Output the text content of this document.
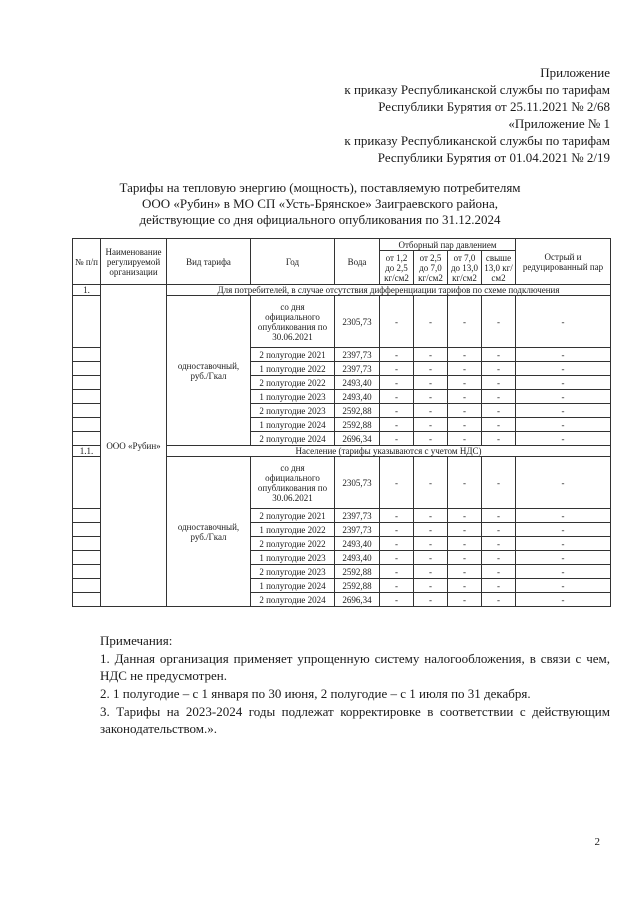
Приложение
к приказу Республиканской службы по тарифам
Республики Бурятия от 25.11.2021 № 2/68
«Приложение № 1
к приказу Республиканской службы по тарифам
Республики Бурятия от 01.04.2021 № 2/19
Тарифы на тепловую энергию (мощность), поставляемую потребителям
ООО «Рубин» в МО СП «Усть-Брянское» Заиграевского района,
действующие со дня официального опубликования по 31.12.2024
№ п/п	Наименование регулируемой организации	Вид тарифа	Год	Вода	Отборный пар давлением				Острый и редуцированный пар
					от 1,2 до 2,5 кг/см2	от 2,5 до 7,0 кг/см2	от 7,0 до 13,0 кг/см2	свыше 13,0 кг/см2	
1.	ООО «Рубин»	Для потребителей, в случае отсутствия дифференциации тарифов по схеме подключения							
		одноставочный, руб./Гкал	со дня официального опубликования по 30.06.2021	2305,73	-	-	-	-	-
			2 полугодие 2021	2397,73	-	-	-	-	-
			1 полугодие 2022	2397,73	-	-	-	-	-
			2 полугодие 2022	2493,40	-	-	-	-	-
			1 полугодие 2023	2493,40	-	-	-	-	-
			2 полугодие 2023	2592,88	-	-	-	-	-
			1 полугодие 2024	2592,88	-	-	-	-	-
			2 полугодие 2024	2696,34	-	-	-	-	-
1.1.		Население (тарифы указываются с учетом НДС)							
		одноставочный, руб./Гкал	со дня официального опубликования по 30.06.2021	2305,73	-	-	-	-	-
			2 полугодие 2021	2397,73	-	-	-	-	-
			1 полугодие 2022	2397,73	-	-	-	-	-
			2 полугодие 2022	2493,40	-	-	-	-	-
			1 полугодие 2023	2493,40	-	-	-	-	-
			2 полугодие 2023	2592,88	-	-	-	-	-
			1 полугодие 2024	2592,88	-	-	-	-	-
			2 полугодие 2024	2696,34	-	-	-	-	-

Примечания:

1. Данная организация применяет упрощенную систему налогообложения, в связи с чем, НДС не предусмотрен.

2. 1 полугодие – с 1 января по 30 июня, 2 полугодие – с 1 июля по 31 декабря.

3. Тарифы на 2023-2024 годы подлежат корректировке в соответствии с действующим законодательством.».

2
